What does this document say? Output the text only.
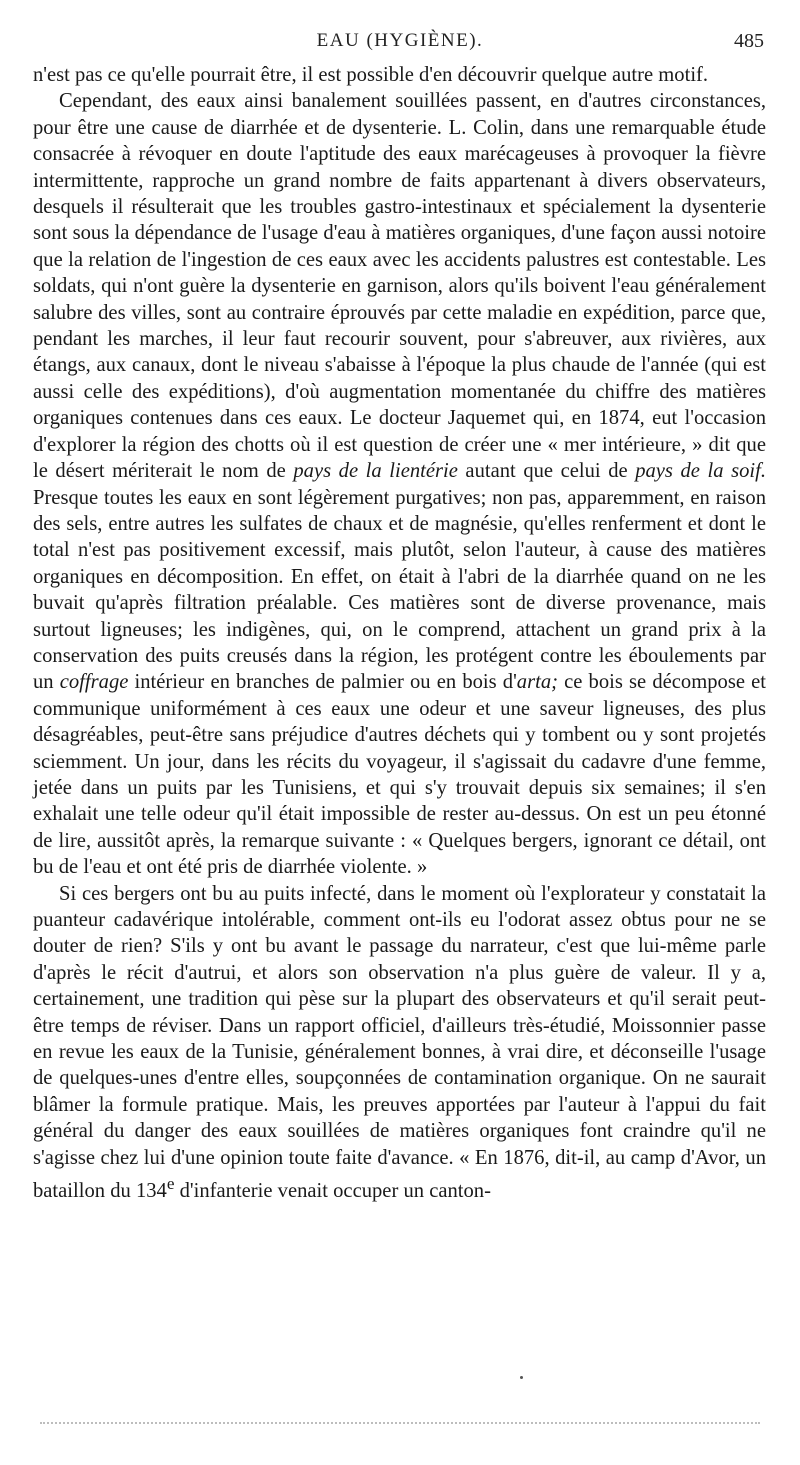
EAU (HYGIÈNE).	485

n'est pas ce qu'elle pourrait être, il est possible d'en découvrir quelque autre motif.

Cependant, des eaux ainsi banalement souillées passent, en d'autres circonstances, pour être une cause de diarrhée et de dysenterie. L. Colin, dans une remarquable étude consacrée à révoquer en doute l'aptitude des eaux marécageuses à provoquer la fièvre intermittente, rapproche un grand nombre de faits appartenant à divers observateurs, desquels il résulterait que les troubles gastro-intestinaux et spécialement la dysenterie sont sous la dépendance de l'usage d'eau à matières organiques, d'une façon aussi notoire que la relation de l'ingestion de ces eaux avec les accidents palustres est contestable. Les soldats, qui n'ont guère la dysenterie en garnison, alors qu'ils boivent l'eau généralement salubre des villes, sont au contraire éprouvés par cette maladie en expédition, parce que, pendant les marches, il leur faut recourir souvent, pour s'abreuver, aux rivières, aux étangs, aux canaux, dont le niveau s'abaisse à l'époque la plus chaude de l'année (qui est aussi celle des expéditions), d'où augmentation momentanée du chiffre des matières organiques contenues dans ces eaux. Le docteur Jaquemet qui, en 1874, eut l'occasion d'explorer la région des chotts où il est question de créer une « mer intérieure, » dit que le désert mériterait le nom de pays de la lientérie autant que celui de pays de la soif. Presque toutes les eaux en sont légèrement purgatives; non pas, apparemment, en raison des sels, entre autres les sulfates de chaux et de magnésie, qu'elles renferment et dont le total n'est pas positivement excessif, mais plutôt, selon l'auteur, à cause des matières organiques en décomposition. En effet, on était à l'abri de la diarrhée quand on ne les buvait qu'après filtration préalable. Ces matières sont de diverse provenance, mais surtout ligneuses; les indigènes, qui, on le comprend, attachent un grand prix à la conservation des puits creusés dans la région, les protégent contre les éboulements par un coffrage intérieur en branches de palmier ou en bois d'arta; ce bois se décompose et communique uniformément à ces eaux une odeur et une saveur ligneuses, des plus désagréables, peut-être sans préjudice d'autres déchets qui y tombent ou y sont projetés sciemment. Un jour, dans les récits du voyageur, il s'agissait du cadavre d'une femme, jetée dans un puits par les Tunisiens, et qui s'y trouvait depuis six semaines; il s'en exhalait une telle odeur qu'il était impossible de rester au-dessus. On est un peu étonné de lire, aussitôt après, la remarque suivante : « Quelques bergers, ignorant ce détail, ont bu de l'eau et ont été pris de diarrhée violente. »

Si ces bergers ont bu au puits infecté, dans le moment où l'explorateur y constatait la puanteur cadavérique intolérable, comment ont-ils eu l'odorat assez obtus pour ne se douter de rien? S'ils y ont bu avant le passage du narrateur, c'est que lui-même parle d'après le récit d'autrui, et alors son observation n'a plus guère de valeur. Il y a, certainement, une tradition qui pèse sur la plupart des observateurs et qu'il serait peut-être temps de réviser. Dans un rapport officiel, d'ailleurs très-étudié, Moissonnier passe en revue les eaux de la Tunisie, généralement bonnes, à vrai dire, et déconseille l'usage de quelques-unes d'entre elles, soupçonnées de contamination organique. On ne saurait blâmer la formule pratique. Mais, les preuves apportées par l'auteur à l'appui du fait général du danger des eaux souillées de matières organiques font craindre qu'il ne s'agisse chez lui d'une opinion toute faite d'avance. « En 1876, dit-il, au camp d'Avor, un bataillon du 134e d'infanterie venait occuper un canton-
